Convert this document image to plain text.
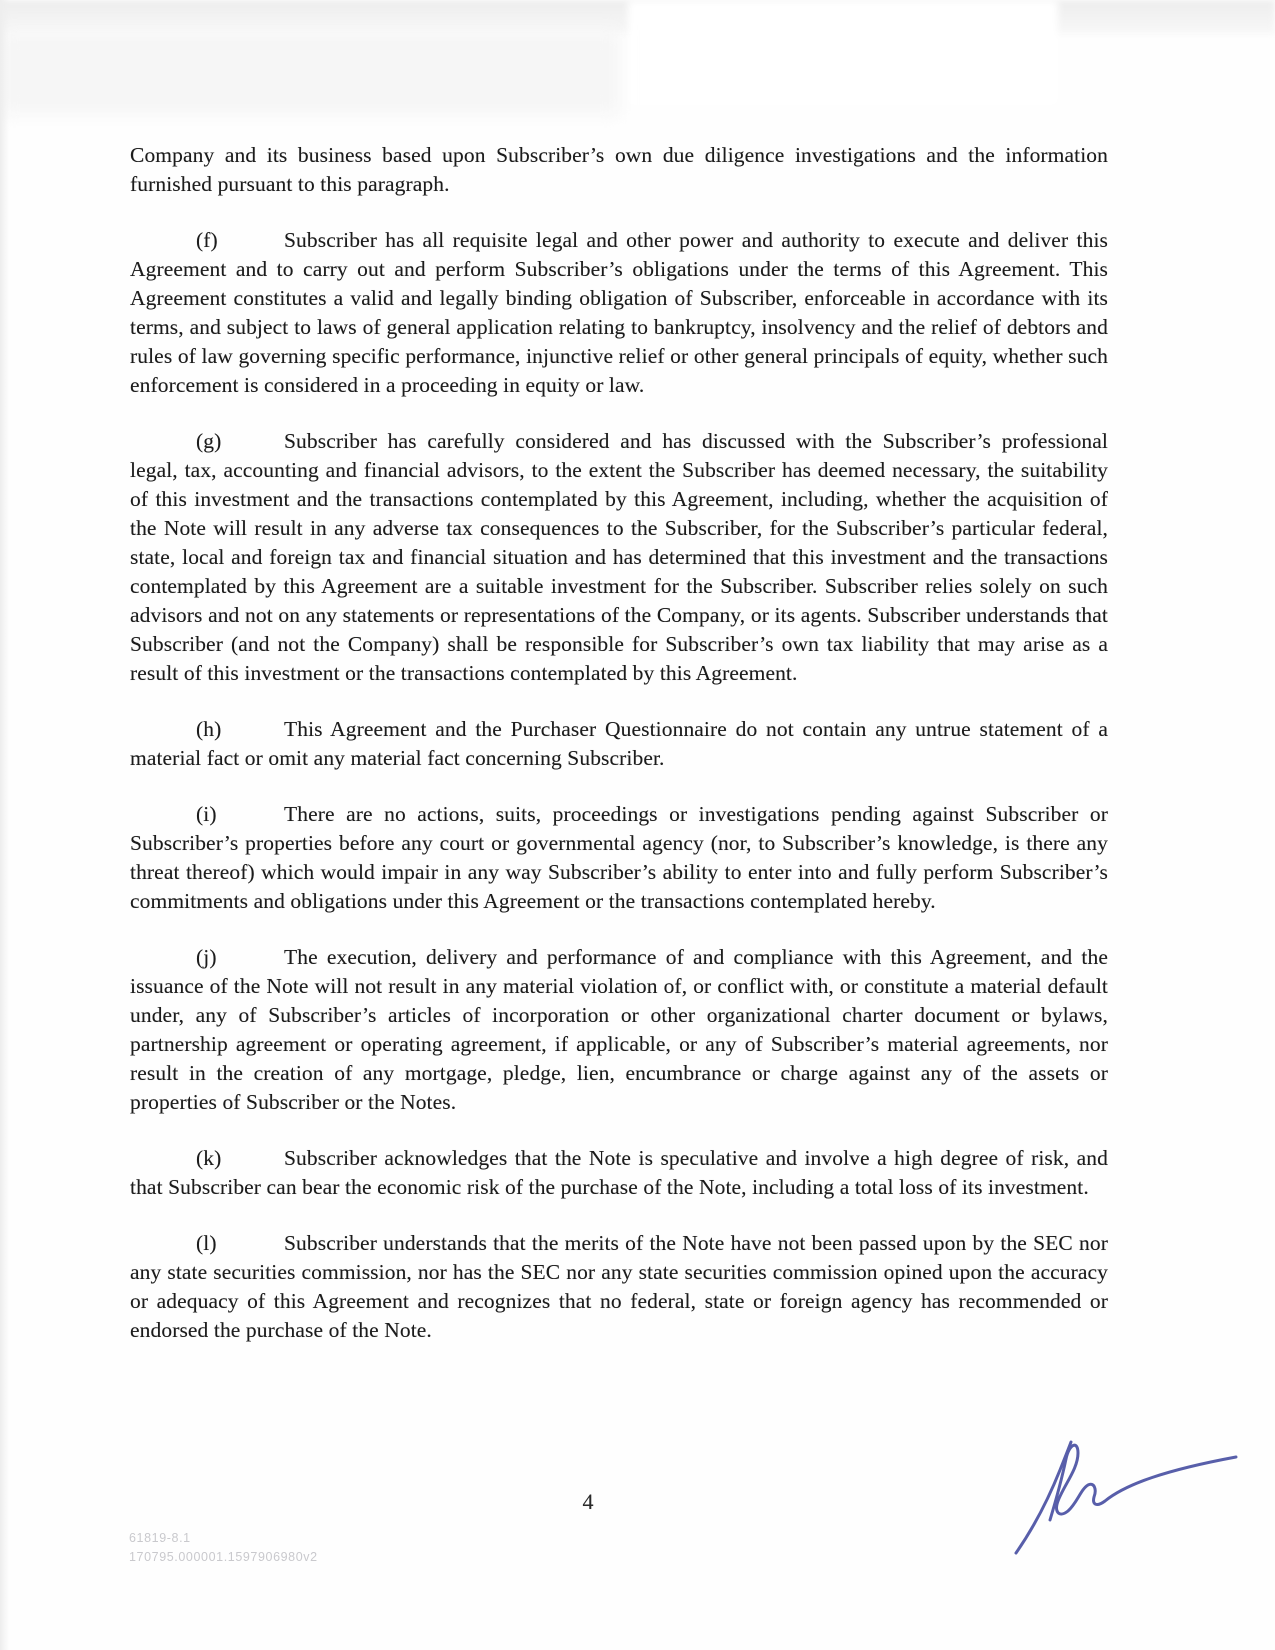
Company and its business based upon Subscriber’s own due diligence investigations and the information furnished pursuant to this paragraph.

(f)	Subscriber has all requisite legal and other power and authority to execute and deliver this Agreement and to carry out and perform Subscriber’s obligations under the terms of this Agreement. This Agreement constitutes a valid and legally binding obligation of Subscriber, enforceable in accordance with its terms, and subject to laws of general application relating to bankruptcy, insolvency and the relief of debtors and rules of law governing specific performance, injunctive relief or other general principals of equity, whether such enforcement is considered in a proceeding in equity or law.

(g)	Subscriber has carefully considered and has discussed with the Subscriber’s professional legal, tax, accounting and financial advisors, to the extent the Subscriber has deemed necessary, the suitability of this investment and the transactions contemplated by this Agreement, including, whether the acquisition of the Note will result in any adverse tax consequences to the Subscriber, for the Subscriber’s particular federal, state, local and foreign tax and financial situation and has determined that this investment and the transactions contemplated by this Agreement are a suitable investment for the Subscriber. Subscriber relies solely on such advisors and not on any statements or representations of the Company, or its agents. Subscriber understands that Subscriber (and not the Company) shall be responsible for Subscriber’s own tax liability that may arise as a result of this investment or the transactions contemplated by this Agreement.

(h)	This Agreement and the Purchaser Questionnaire do not contain any untrue statement of a material fact or omit any material fact concerning Subscriber.

(i)	There are no actions, suits, proceedings or investigations pending against Subscriber or Subscriber’s properties before any court or governmental agency (nor, to Subscriber’s knowledge, is there any threat thereof) which would impair in any way Subscriber’s ability to enter into and fully perform Subscriber’s commitments and obligations under this Agreement or the transactions contemplated hereby.

(j)	The execution, delivery and performance of and compliance with this Agreement, and the issuance of the Note will not result in any material violation of, or conflict with, or constitute a material default under, any of Subscriber’s articles of incorporation or other organizational charter document or bylaws, partnership agreement or operating agreement, if applicable, or any of Subscriber’s material agreements, nor result in the creation of any mortgage, pledge, lien, encumbrance or charge against any of the assets or properties of Subscriber or the Notes.

(k)	Subscriber acknowledges that the Note is speculative and involve a high degree of risk, and that Subscriber can bear the economic risk of the purchase of the Note, including a total loss of its investment.

(l)	Subscriber understands that the merits of the Note have not been passed upon by the SEC nor any state securities commission, nor has the SEC nor any state securities commission opined upon the accuracy or adequacy of this Agreement and recognizes that no federal, state or foreign agency has recommended or endorsed the purchase of the Note.

4
61819-8.1
170795.000001.1597906980v2
